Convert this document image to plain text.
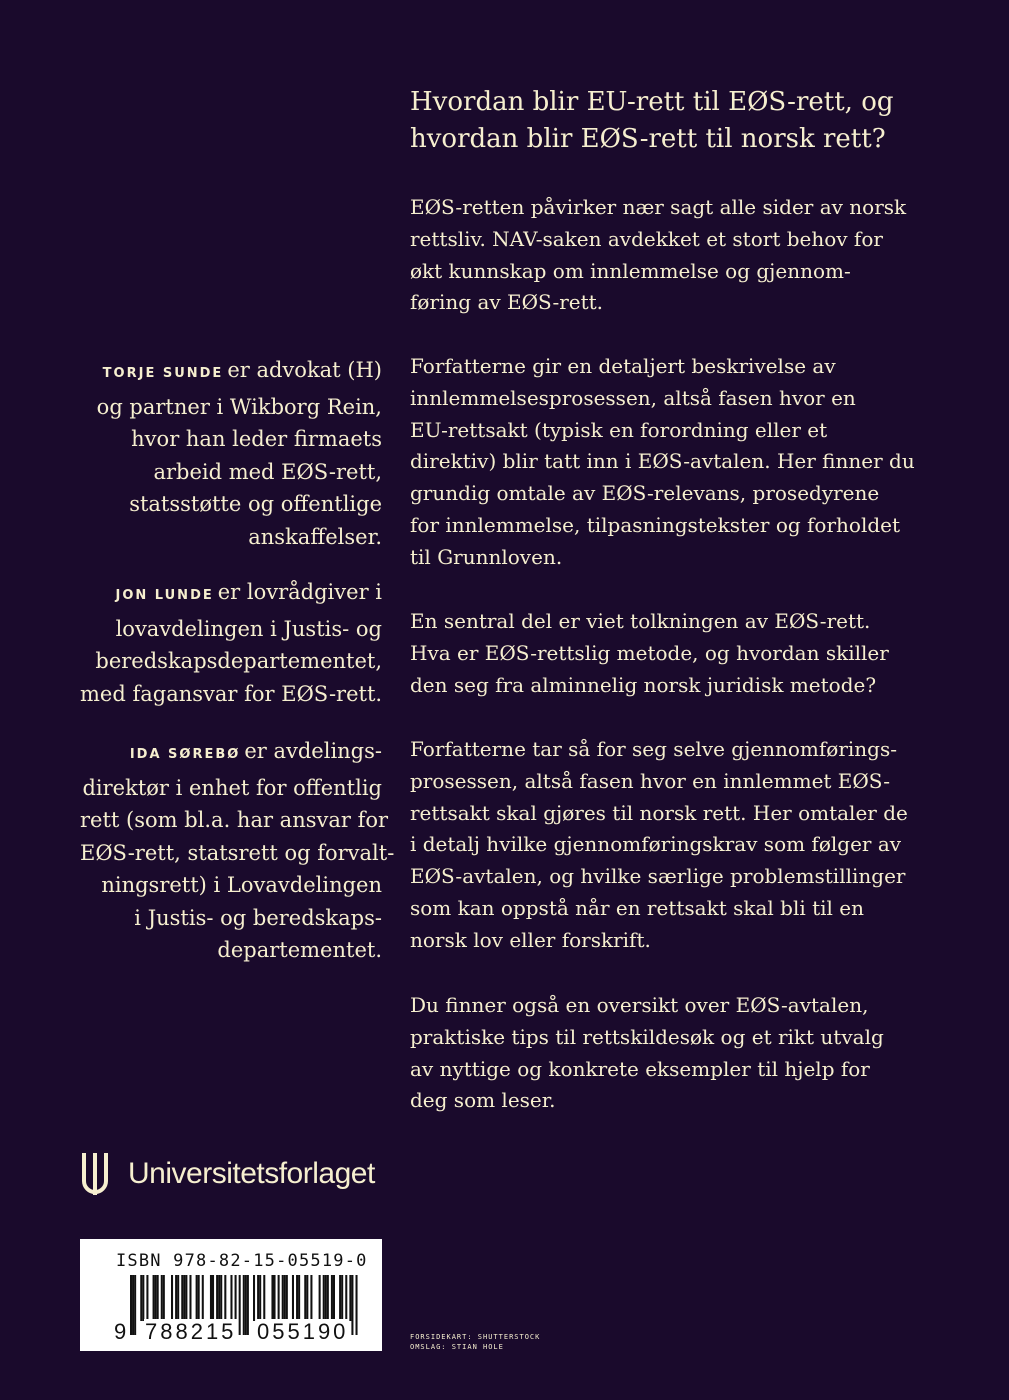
TORJE SUNDE er advokat (H)
og partner i Wikborg Rein,
hvor han leder firmaets
arbeid med EØS-rett,
statsstøtte og offentlige
anskaffelser.
JON LUNDE er lovrådgiver i
lovavdelingen i Justis- og
beredskapsdepartementet,
med fagansvar for EØS-rett.
IDA SØREBØ er avdelings-
direktør i enhet for offentlig
rett (som bl.a. har ansvar for
EØS-rett, statsrett og forvalt-
ningsrett) i Lovavdelingen
i Justis- og beredskaps-
departementet.
Hvordan blir EU-rett til EØS-rett, og
hvordan blir EØS-rett til norsk rett?
EØS-retten påvirker nær sagt alle sider av norsk
rettsliv. NAV-saken avdekket et stort behov for
økt kunnskap om innlemmelse og gjennom-
føring av EØS-rett.
Forfatterne gir en detaljert beskrivelse av
innlemmelsesprosessen, altså fasen hvor en
EU-rettsakt (typisk en forordning eller et
direktiv) blir tatt inn i EØS-avtalen. Her finner du
grundig omtale av EØS-relevans, prosedyrene
for innlemmelse, tilpasningstekster og forholdet
til Grunnloven.
En sentral del er viet tolkningen av EØS-rett.
Hva er EØS-rettslig metode, og hvordan skiller
den seg fra alminnelig norsk juridisk metode?
Forfatterne tar så for seg selve gjennomførings-
prosessen, altså fasen hvor en innlemmet EØS-
rettsakt skal gjøres til norsk rett. Her omtaler de
i detalj hvilke gjennomføringskrav som følger av
EØS-avtalen, og hvilke særlige problemstillinger
som kan oppstå når en rettsakt skal bli til en
norsk lov eller forskrift.
Du finner også en oversikt over EØS-avtalen,
praktiske tips til rettskildesøk og et rikt utvalg
av nyttige og konkrete eksempler til hjelp for
deg som leser.
Universitetsforlaget
ISBN 978-82-15-05519-0
9 788215 055190	FORSIDEKART: SHUTTERSTOCK
OMSLAG: STIAN HOLE
